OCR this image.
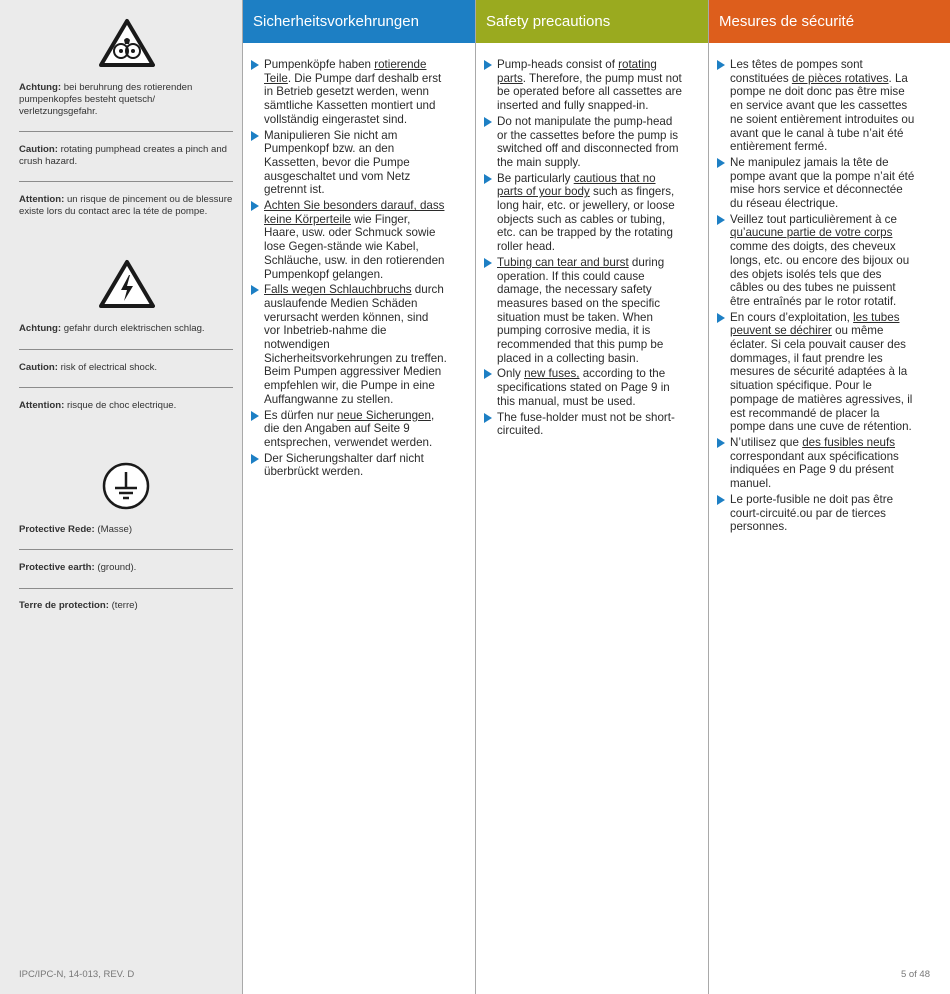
Achtung: bei beruhrung des rotierenden pumpenkopfes besteht quetsch/ verletzungsgefahr.
Caution: rotating pumphead creates a pinch and crush hazard.
Attention: un risque de pincement ou de blessure existe lors du contact arec la téte de pompe.
Achtung: gefahr durch elektrischen schlag.
Caution: risk of electrical shock.
Attention: risque de choc electrique.
Protective Rede: (Masse)
Protective earth: (ground).
Terre de protection: (terre)
Sicherheitsvorkehrungen	Safety precautions	Mesures de sécurité
Pumpenköpfe haben rotierende Teile. Die Pumpe darf deshalb erst in Betrieb gesetzt werden, wenn sämtliche Kassetten montiert und vollständig eingerastet sind.
Manipulieren Sie nicht am Pumpenkopf bzw. an den Kassetten, bevor die Pumpe ausgeschaltet und vom Netz getrennt ist.
Achten Sie besonders darauf, dass keine Körperteile wie Finger, Haare, usw. oder Schmuck sowie lose Gegen-stände wie Kabel, Schläuche, usw. in den rotierenden Pumpenkopf gelangen.
Falls wegen Schlauchbruchs durch auslaufende Medien Schäden verursacht werden können, sind vor Inbetrieb-nahme die notwendigen Sicherheitsvorkehrungen zu treffen. Beim Pumpen aggressiver Medien empfehlen wir, die Pumpe in eine Auffangwanne zu stellen.
Es dürfen nur neue Sicherungen, die den Angaben auf Seite 9 entsprechen, verwendet werden.
Der Sicherungshalter darf nicht überbrückt werden.
Pump-heads consist of rotating parts. Therefore, the pump must not be operated before all cassettes are inserted and fully snapped-in.
Do not manipulate the pump-head or the cassettes before the pump is switched off and disconnected from the main supply.
Be particularly cautious that no parts of your body such as fingers, long hair, etc. or jewellery, or loose objects such as cables or tubing, etc. can be trapped by the rotating roller head.
Tubing can tear and burst during operation. If this could cause damage, the necessary safety measures based on the specific situation must be taken. When pumping corrosive media, it is recommended that this pump be placed in a collecting basin.
Only new fuses, according to the specifications stated on Page 9 in this manual, must be used.
The fuse-holder must not be short-circuited.
Les têtes de pompes sont constituées de pièces rotatives. La pompe ne doit donc pas être mise en service avant que les cassettes ne soient entièrement introduites ou avant que le canal à tube n’ait été entièrement fermé.
Ne manipulez jamais la tête de pompe avant que la pompe n’ait été mise hors service et déconnectée du réseau électrique.
Veillez tout particulièrement à ce qu’aucune partie de votre corps comme des doigts, des cheveux longs, etc. ou encore des bijoux ou des objets isolés tels que des câbles ou des tubes ne puissent être entraînés par le rotor rotatif.
En cours d’exploitation, les tubes peuvent se déchirer ou même éclater. Si cela pouvait causer des dommages, il faut prendre les mesures de sécurité adaptées à la situation spécifique. Pour le pompage de matières agressives, il est recommandé de placer la pompe dans une cuve de rétention.
N’utilisez que des fusibles neufs correspondant aux spécifications indiquées en Page 9 du présent manuel.
Le porte-fusible ne doit pas être court-circuité.ou par de tierces personnes.
IPC/IPC-N, 14-013, REV. D	5 of 48
